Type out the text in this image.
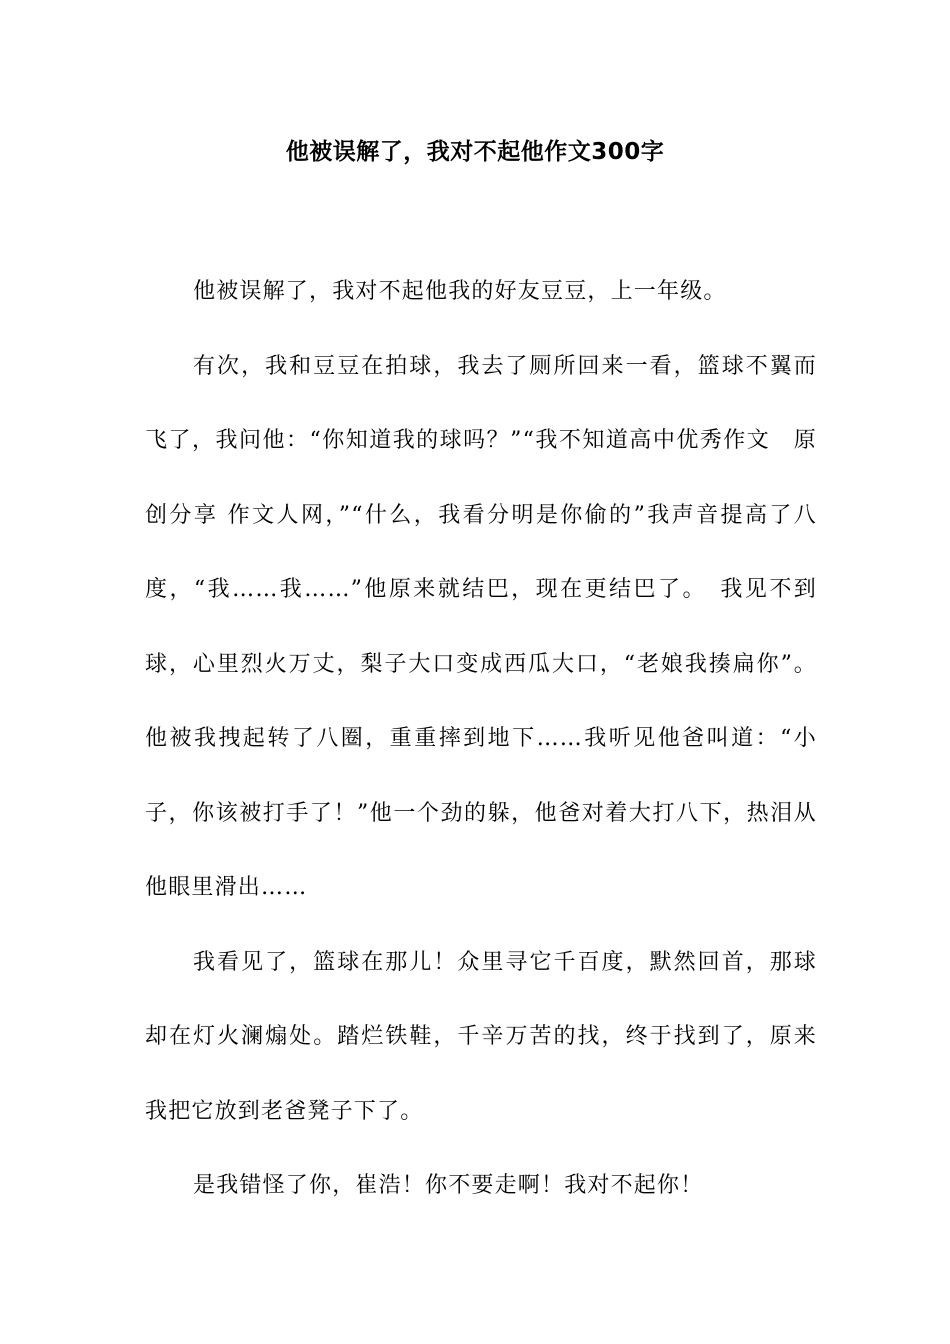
他被误解了，我对不起他作文300字

他被误解了，我对不起他我的好友豆豆，上一年级。

有次，我和豆豆在拍球，我去了厕所回来一看，篮球不翼而飞了，我问他：“你知道我的球吗？”“我不知道高中优秀作文　原创分享 作文人网，”“什么，我看分明是你偷的”我声音提高了八度，“我……我……”他原来就结巴，现在更结巴了。　我见不到球，心里烈火万丈，梨子大口变成西瓜大口，“老娘我揍扁你”。他被我拽起转了八圈，重重摔到地下……我听见他爸叫道：“小子，你该被打手了！”他一个劲的躲，他爸对着大打八下，热泪从他眼里滑出……

我看见了，篮球在那儿！众里寻它千百度，默然回首，那球却在灯火澜煽处。踏烂铁鞋，千辛万苦的找，终于找到了，原来我把它放到老爸凳子下了。

是我错怪了你，崔浩！你不要走啊！我对不起你！
